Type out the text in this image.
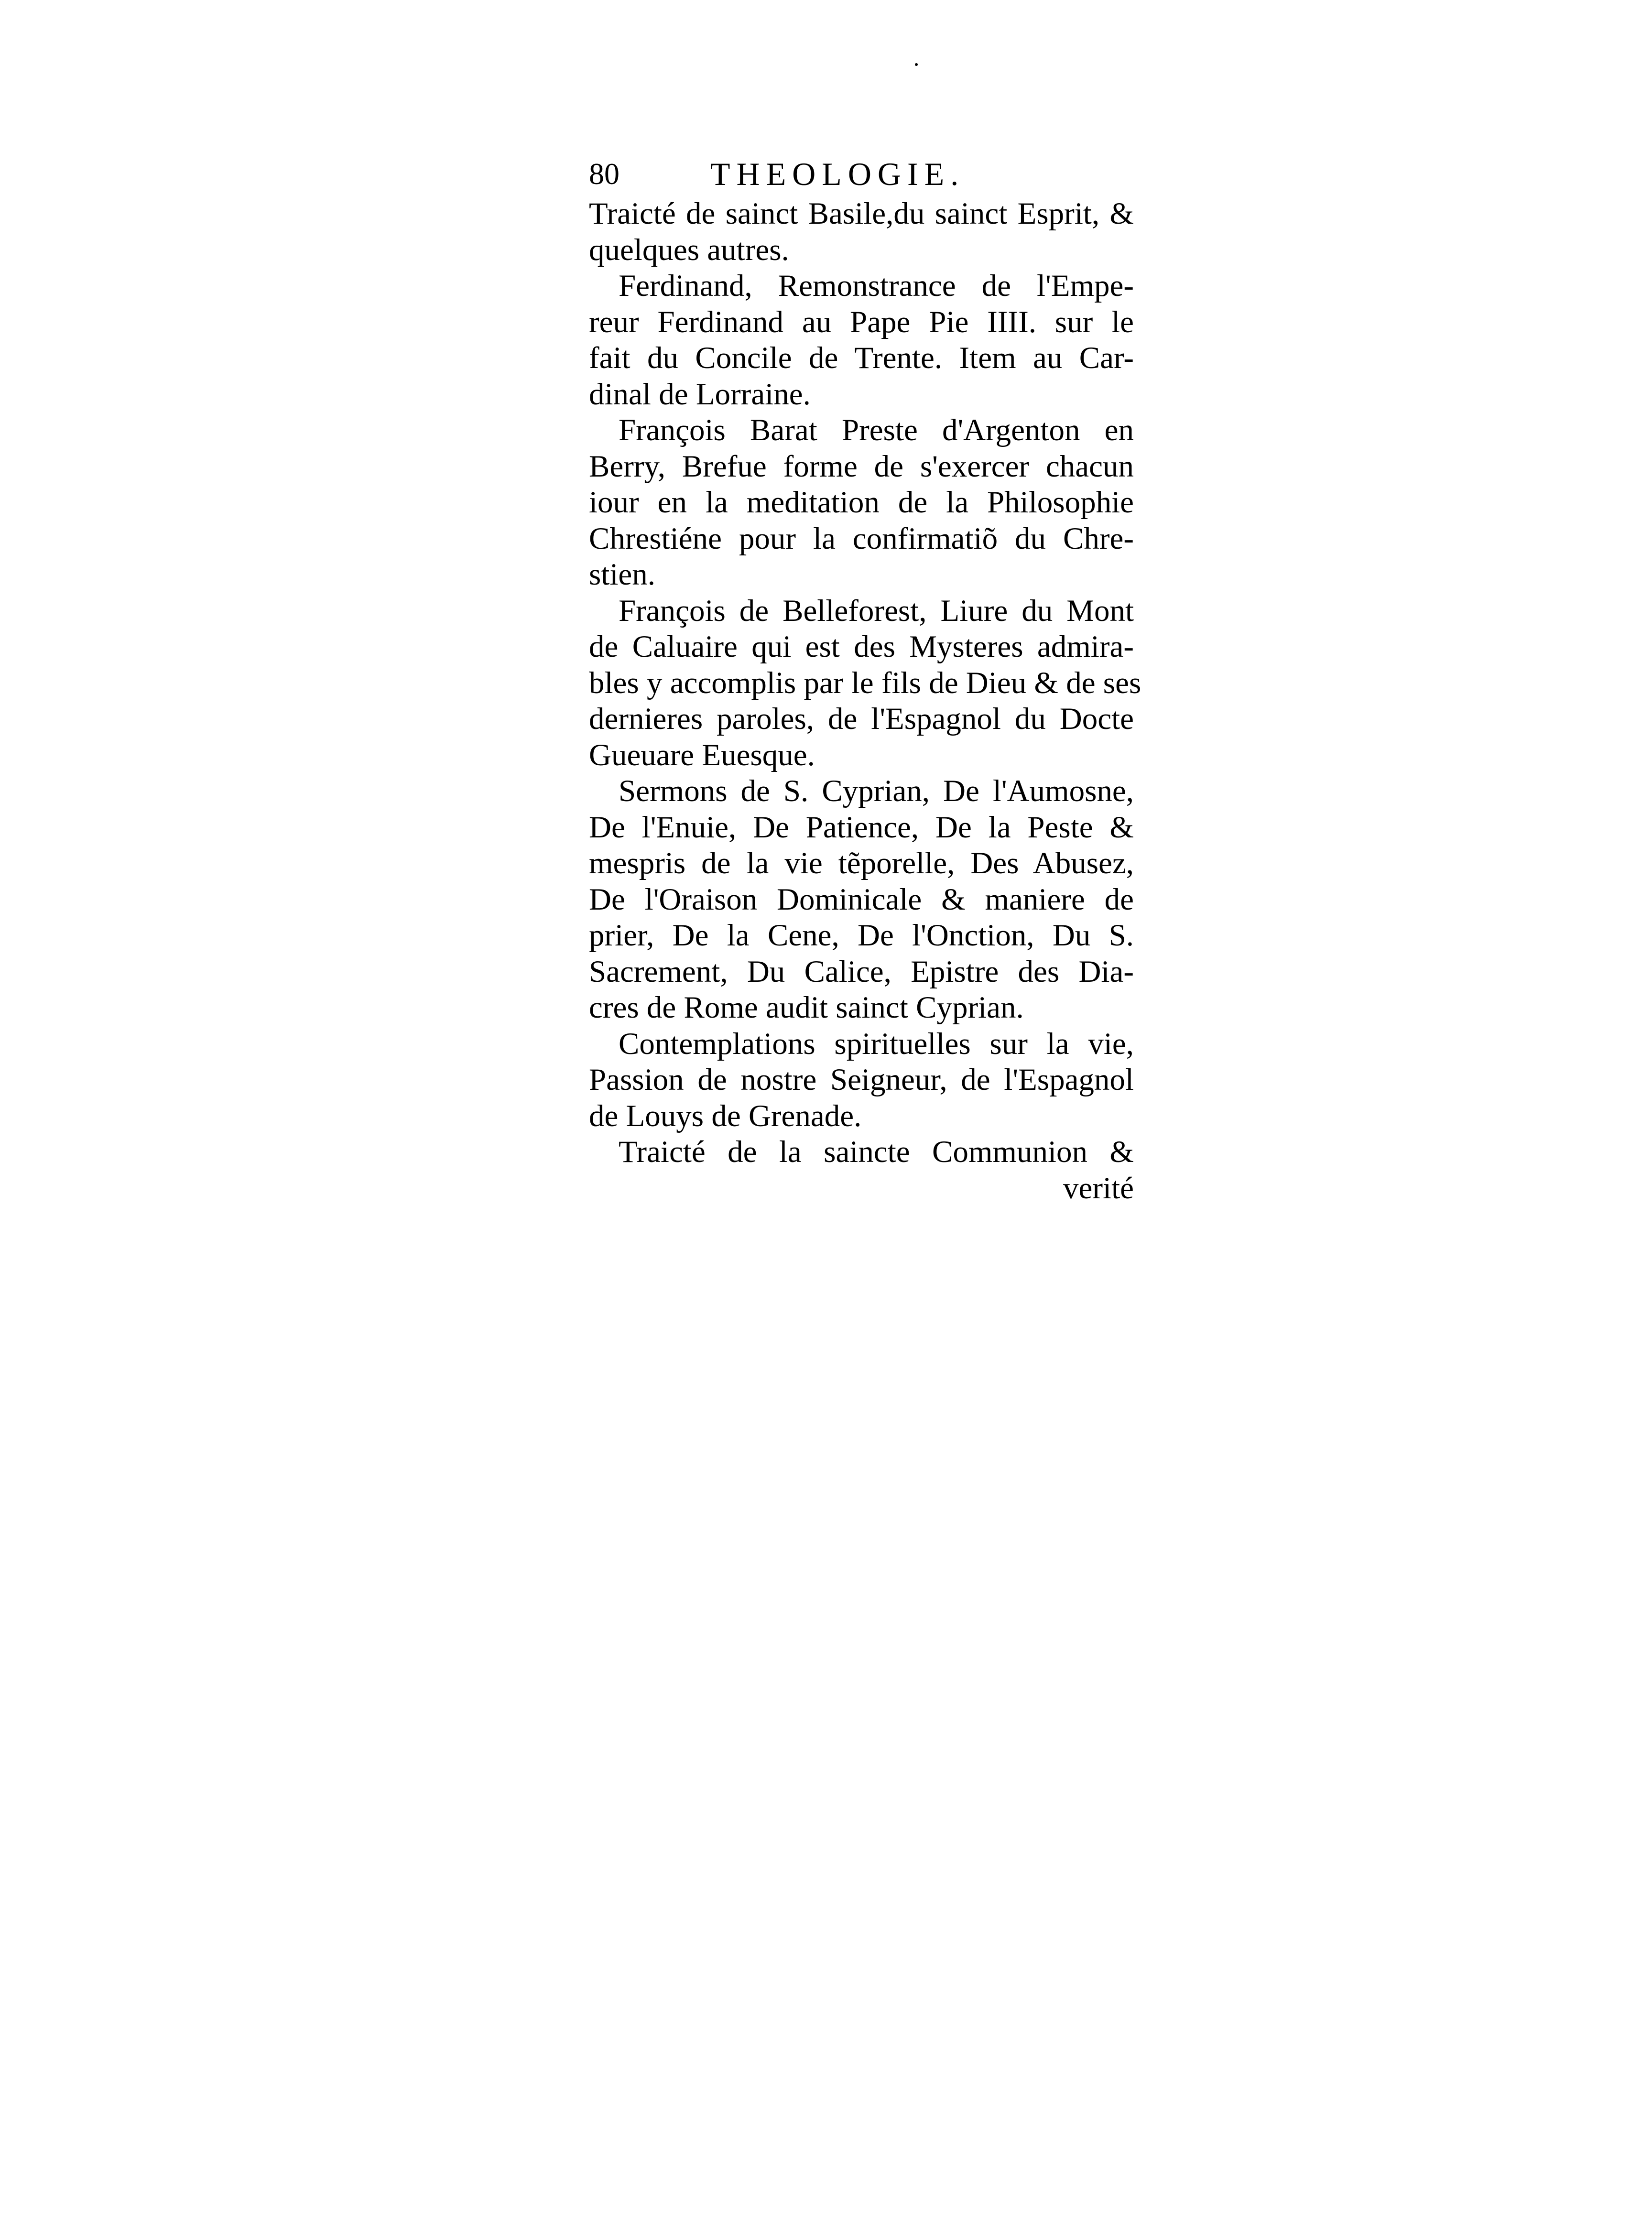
80	THEOLOGIE.

Traicté de sainct Basile,du sainct Esprit, &
quelques autres.

Ferdinand, Remonstrance de l'Empe-
reur Ferdinand au Pape Pie IIII. sur le
fait du Concile de Trente. Item au Car-
dinal de Lorraine.

François Barat Preste d'Argenton en
Berry, Brefue forme de s'exercer chacun
iour en la meditation de la Philosophie
Chrestiéne pour la confirmatiõ du Chre-
stien.

François de Belleforest, Liure du Mont
de Caluaire qui est des Mysteres admira-
bles y accomplis par le fils de Dieu & de ses
dernieres paroles, de l'Espagnol du Docte
Gueuare Euesque.

Sermons de S. Cyprian, De l'Aumosne,
De l'Enuie, De Patience, De la Peste &
mespris de la vie tẽporelle, Des Abusez,
De l'Oraison Dominicale & maniere de
prier, De la Cene, De l'Onction, Du S.
Sacrement, Du Calice, Epistre des Dia-
cres de Rome audit sainct Cyprian.

Contemplations spirituelles sur la vie,
Passion de nostre Seigneur, de l'Espagnol
de Louys de Grenade.

Traicté de la saincte Communion &

verité
